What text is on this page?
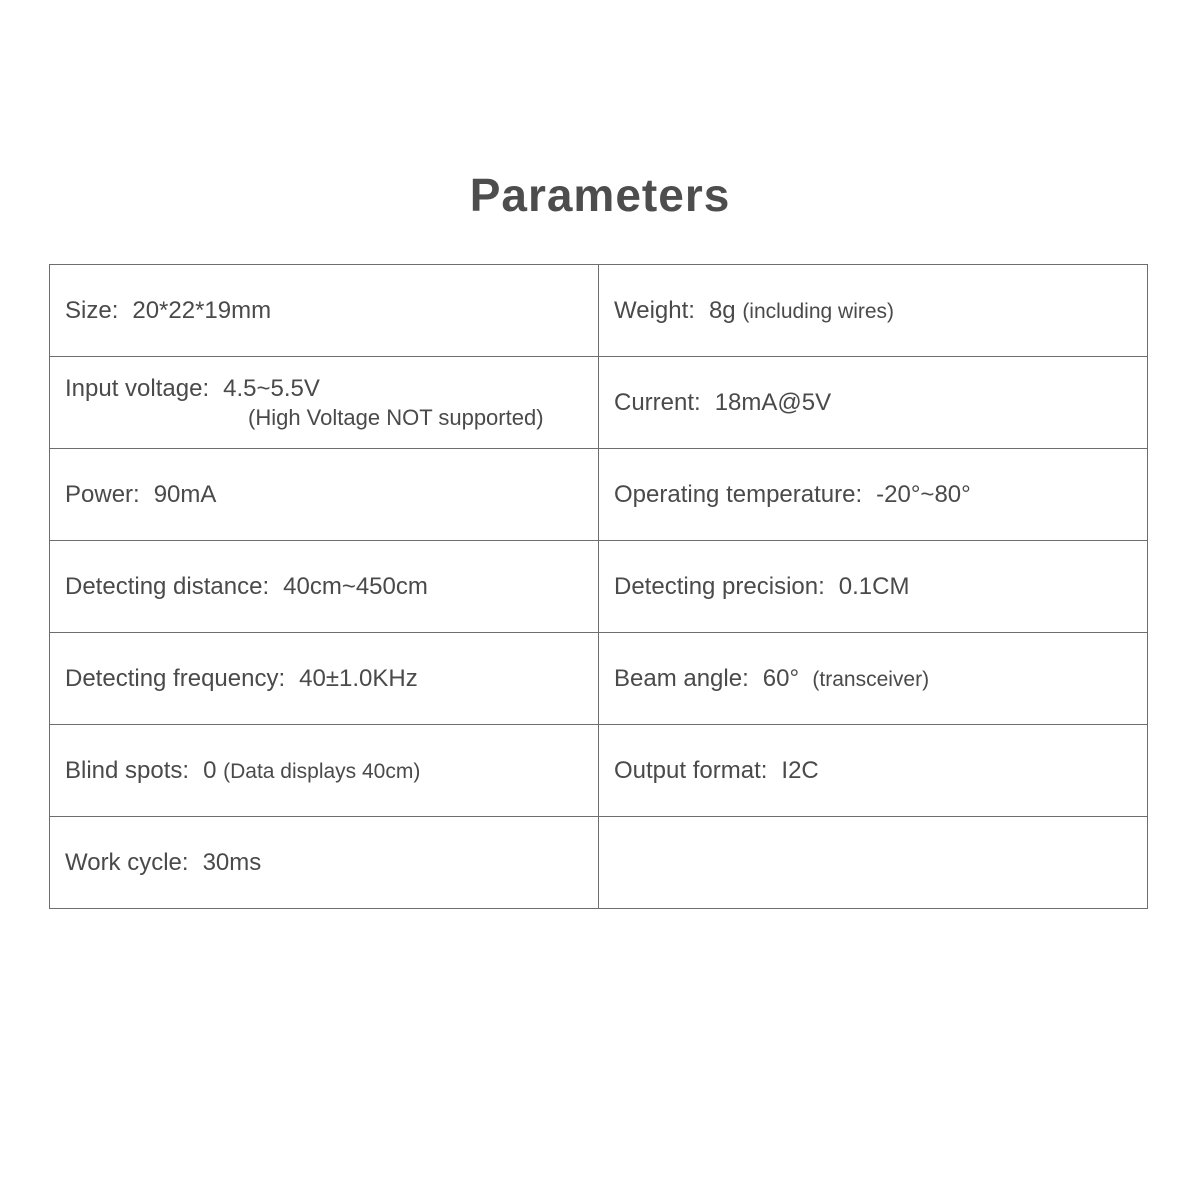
Parameters
Size: 20*22*19mm	Weight: 8g (including wires)
Input voltage: 4.5~5.5V
(High Voltage NOT supported)	Current: 18mA@5V
Power: 90mA	Operating temperature: -20°~80°
Detecting distance: 40cm~450cm	Detecting precision: 0.1CM
Detecting frequency: 40±1.0KHz	Beam angle: 60° (transceiver)
Blind spots: 0 (Data displays 40cm)	Output format: I2C
Work cycle: 30ms	
